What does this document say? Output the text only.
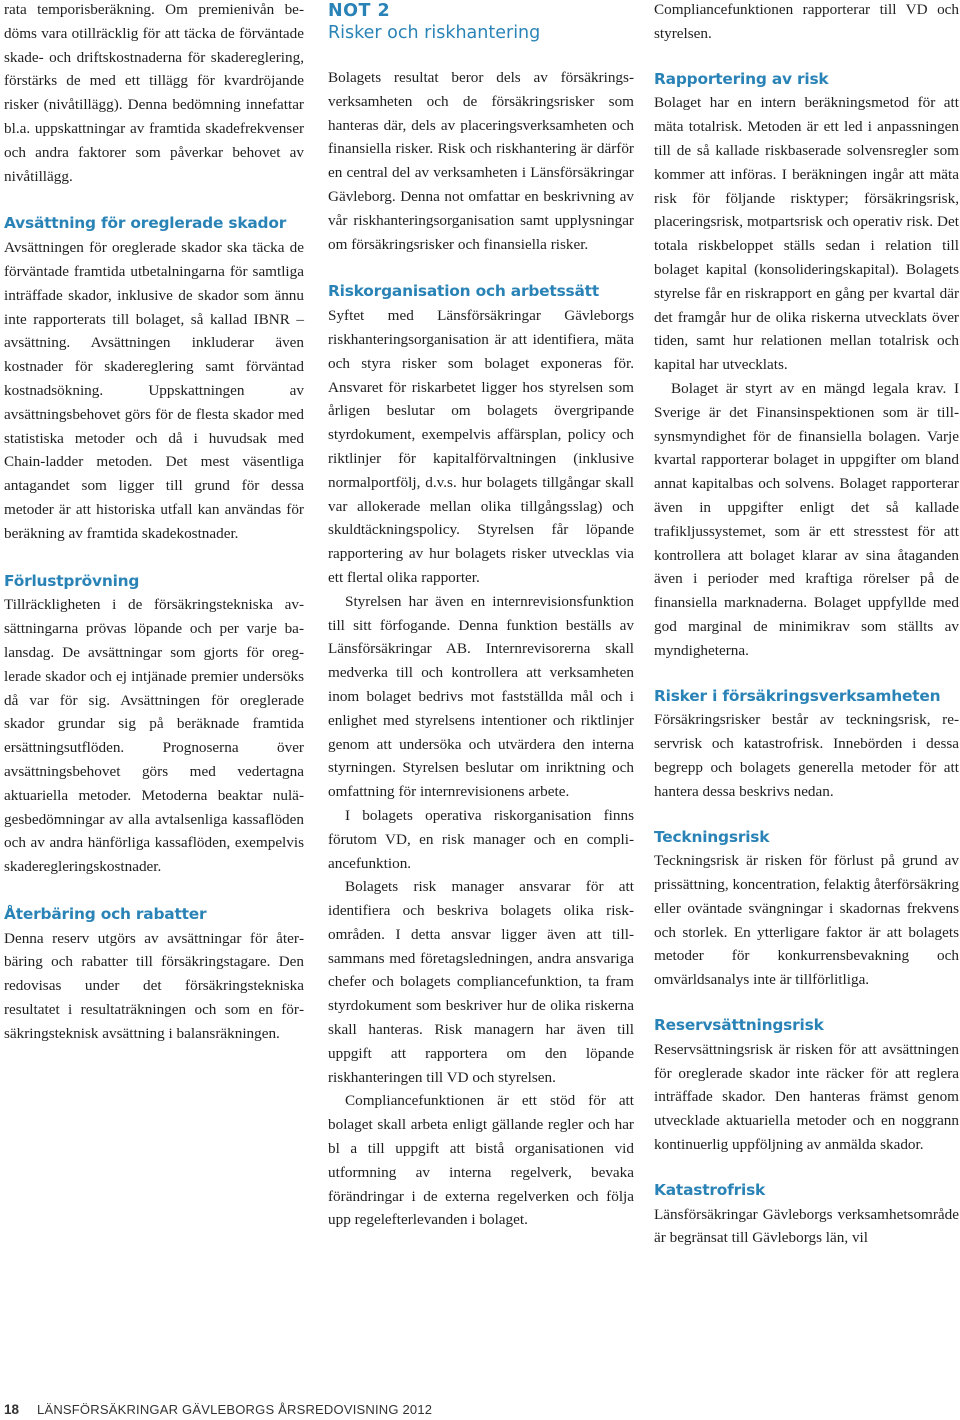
rata temporisberäkning. Om premienivån bedöms vara otillräcklig för att täcka de förväntade skade- och driftskostnaderna för skadereglering, förstärks de med ett tillägg för kvardröjande risker (nivåtillägg). Denna bedömning innefattar bl.a. uppskattningar av framtida skadefrekvenser och andra faktorer som påverkar behovet av nivåtillägg.

Avsättning för oreglerade skador

Avsättningen för oreglerade skador ska täcka de förväntade framtida utbetalningarna för samtliga inträffade skador, inklusive de skador som ännu inte rapporterats till bolaget, så kallad IBNR – avsättning. Avsättningen inkluderar även kostnader för skadereglering samt förväntad kostnadsökning. Uppskattningen av avsättningsbehovet görs för de flesta skador med statistiska metoder och då i huvudsak med Chain-ladder metoden. Det mest väsentliga antagandet som ligger till grund för dessa metoder är att historiska utfall kan användas för beräkning av framtida skadekostnader.

Förlustprövning

Tillräckligheten i de försäkringstekniska avsättningarna prövas löpande och per varje balansdag. De avsättningar som gjorts för oreglerade skador och ej intjänade premier undersöks då var för sig. Avsättningen för oreglerade skador grundar sig på beräknade framtida ersättningsutflöden. Prognoserna över avsättningsbehovet görs med vedertagna aktuariella metoder. Metoderna beaktar nulägesbedömningar av alla avtalsenliga kassaflöden och av andra hänförliga kassaflöden, exempelvis skaderegleringskostnader.

Återbäring och rabatter

Denna reserv utgörs av avsättningar för återbäring och rabatter till försäkringstagare. Den redovisas under det försäkringstekniska resultatet i resultaträkningen och som en försäkringsteknisk avsättning i balansräkningen.

NOT 2
Risker och riskhantering

Bolagets resultat beror dels av försäkringsverksamheten och de försäkringsrisker som hanteras där, dels av placeringsverksamheten och finansiella risker. Risk och riskhantering är därför en central del av verksamheten i Länsförsäkringar Gävleborg. Denna not omfattar en beskrivning av vår riskhanteringsorganisation samt upplysningar om försäkringsrisker och finansiella risker.

Riskorganisation och arbetssätt

Syftet med Länsförsäkringar Gävleborgs riskhanteringsorganisation är att identifiera, mäta och styra risker som bolaget exponeras för. Ansvaret för riskarbetet ligger hos styrelsen som årligen beslutar om bolagets övergripande styrdokument, exempelvis affärsplan, policy och riktlinjer för kapitalförvaltningen (inklusive normalportfölj, d.v.s. hur bolagets tillgångar skall var allokerade mellan olika tillgångsslag) och skuldtäckningspolicy. Styrelsen får löpande rapportering av hur bolagets risker utvecklas via ett flertal olika rapporter.

Styrelsen har även en internrevisionsfunktion till sitt förfogande. Denna funktion beställs av Länsförsäkringar AB. Internrevisorerna skall medverka till och kontrollera att verksamheten inom bolaget bedrivs mot fastställda mål och i enlighet med styrelsens intentioner och riktlinjer genom att undersöka och utvärdera den interna styrningen. Styrelsen beslutar om inriktning och omfattning för internrevisionens arbete.

I bolagets operativa riskorganisation finns förutom VD, en risk manager och en compliancefunktion.

Bolagets risk manager ansvarar för att identifiera och beskriva bolagets olika riskområden. I detta ansvar ligger även att tillsammans med företagsledningen, andra ansvariga chefer och bolagets compliancefunktion, ta fram styrdokument som beskriver hur de olika riskerna skall hanteras. Risk managern har även till uppgift att rapportera om den löpande riskhanteringen till VD och styrelsen.

Compliancefunktionen är ett stöd för att bolaget skall arbeta enligt gällande regler och har bl a till uppgift att bistå organisationen vid utformning av interna regelverk, bevaka förändringar i de externa regelverken och följa upp regelefterlevanden i bolaget.

Compliancefunktionen rapporterar till VD och styrelsen.

Rapportering av risk

Bolaget har en intern beräkningsmetod för att mäta totalrisk. Metoden är ett led i anpassningen till de så kallade riskbaserade solvensregler som kommer att införas. I beräkningen ingår att mäta risk för följande risktyper; försäkringsrisk, placeringsrisk, motpartsrisk och operativ risk. Det totala riskbeloppet ställs sedan i relation till bolaget kapital (konsolideringskapital). Bolagets styrelse får en riskrapport en gång per kvartal där det framgår hur de olika riskerna utvecklats över tiden, samt hur relationen mellan totalrisk och kapital har utvecklats.

Bolaget är styrt av en mängd legala krav. I Sverige är det Finansinspektionen som är tillsynsmyndighet för de finansiella bolagen. Varje kvartal rapporterar bolaget in uppgifter om bland annat kapitalbas och solvens. Bolaget rapporterar även in uppgifter enligt det så kallade trafikljussystemet, som är ett stresstest för att kontrollera att bolaget klarar av sina åtaganden även i perioder med kraftiga rörelser på de finansiella marknaderna. Bolaget uppfyllde med god marginal de minimikrav som ställts av myndigheterna.

Risker i försäkringsverksamheten

Försäkringsrisker består av teckningsrisk, reservrisk och katastrofrisk. Innebörden i dessa begrepp och bolagets generella metoder för att hantera dessa beskrivs nedan.

Teckningsrisk

Teckningsrisk är risken för förlust på grund av prissättning, koncentration, felaktig återförsäkring eller oväntade svängningar i skadornas frekvens och storlek. En ytterligare faktor är att bolagets metoder för konkurrensbevakning och omvärldsanalys inte är tillförlitliga.

Reservsättningsrisk

Reservsättningsrisk är risken för att avsättningen för oreglerade skador inte räcker för att reglera inträffade skador. Den hanteras främst genom utvecklade aktuariella metoder och en noggrann kontinuerlig uppföljning av anmälda skador.

Katastrofrisk

Länsförsäkringar Gävleborgs verksamhetsområde är begränsat till Gävleborgs län, vil

18 LÄNSFÖRSÄKRINGAR GÄVLEBORGS ÅRSREDOVISNING 2012
